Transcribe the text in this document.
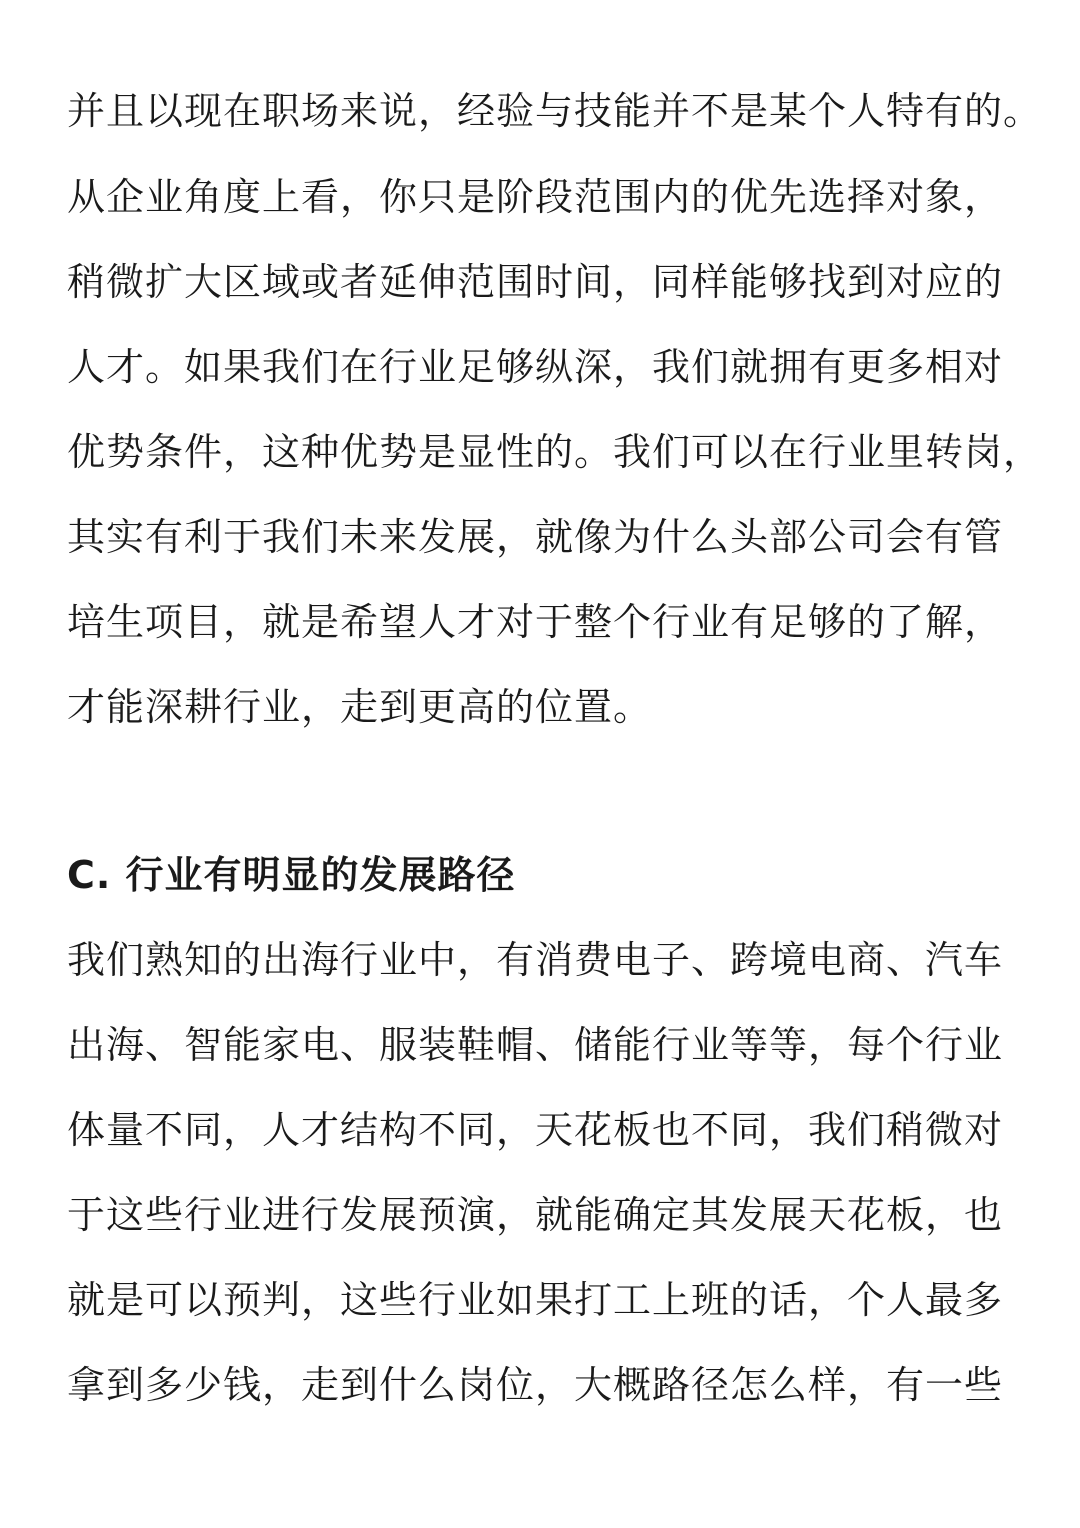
并且以现在职场来说，经验与技能并不是某个人特有的。
从企业角度上看，你只是阶段范围内的优先选择对象，
稍微扩大区域或者延伸范围时间，同样能够找到对应的
人才。如果我们在行业足够纵深，我们就拥有更多相对
优势条件，这种优势是显性的。我们可以在行业里转岗，
其实有利于我们未来发展，就像为什么头部公司会有管
培生项目，就是希望人才对于整个行业有足够的了解，
才能深耕行业，走到更高的位置。
C. 行业有明显的发展路径
我们熟知的出海行业中，有消费电子、跨境电商、汽车
出海、智能家电、服装鞋帽、储能行业等等，每个行业
体量不同，人才结构不同，天花板也不同，我们稍微对
于这些行业进行发展预演，就能确定其发展天花板，也
就是可以预判，这些行业如果打工上班的话，个人最多
拿到多少钱，走到什么岗位，大概路径怎么样，有一些
